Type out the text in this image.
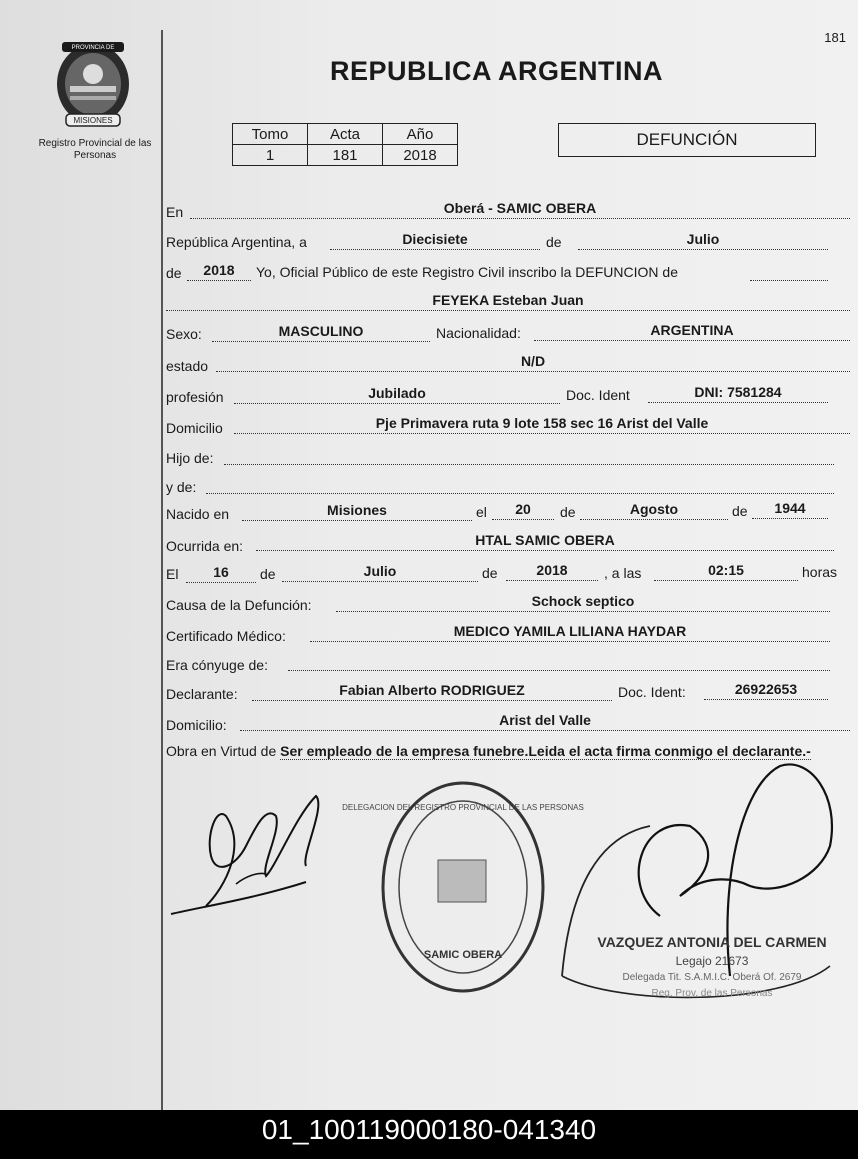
181
PROVINCIA DE
MISIONES
Registro Provincial de las Personas
REPUBLICA ARGENTINA
Tomo	Acta	Año
1	181	2018
DEFUNCIÓN
En	Oberá - SAMIC OBERA
República Argentina, a	Diecisiete	de	Julio
de	2018	Yo, Oficial Público de este Registro Civil inscribo la DEFUNCION de
FEYEKA Esteban Juan
Sexo:	MASCULINO	Nacionalidad:	ARGENTINA
estado	N/D
profesión	Jubilado	Doc. Ident	DNI: 7581284
Domicilio	Pje Primavera ruta 9 lote 158 sec 16 Arist del Valle
Hijo de:
y de:
Nacido en	Misiones	el	20	de	Agosto	de	1944
Ocurrida en:	HTAL SAMIC OBERA
El	16	de	Julio	de	2018	, a las	02:15	horas
Causa de la Defunción:	Schock septico
Certificado Médico:	MEDICO YAMILA LILIANA HAYDAR
Era cónyuge de:
Declarante:	Fabian Alberto RODRIGUEZ	Doc. Ident:	26922653
Domicilio:	Arist del Valle
Obra en Virtud de Ser empleado de la empresa funebre.Leida el acta firma conmigo el declarante.-
SAMIC OBERA
DELEGACION DEL REGISTRO PROVINCIAL DE LAS PERSONAS
VAZQUEZ ANTONIA DEL CARMEN
Legajo 21673
Delegada Tit. S.A.M.I.C. Oberá Of. 2679
Reg. Prov. de las Personas
01_100119000180-041340
